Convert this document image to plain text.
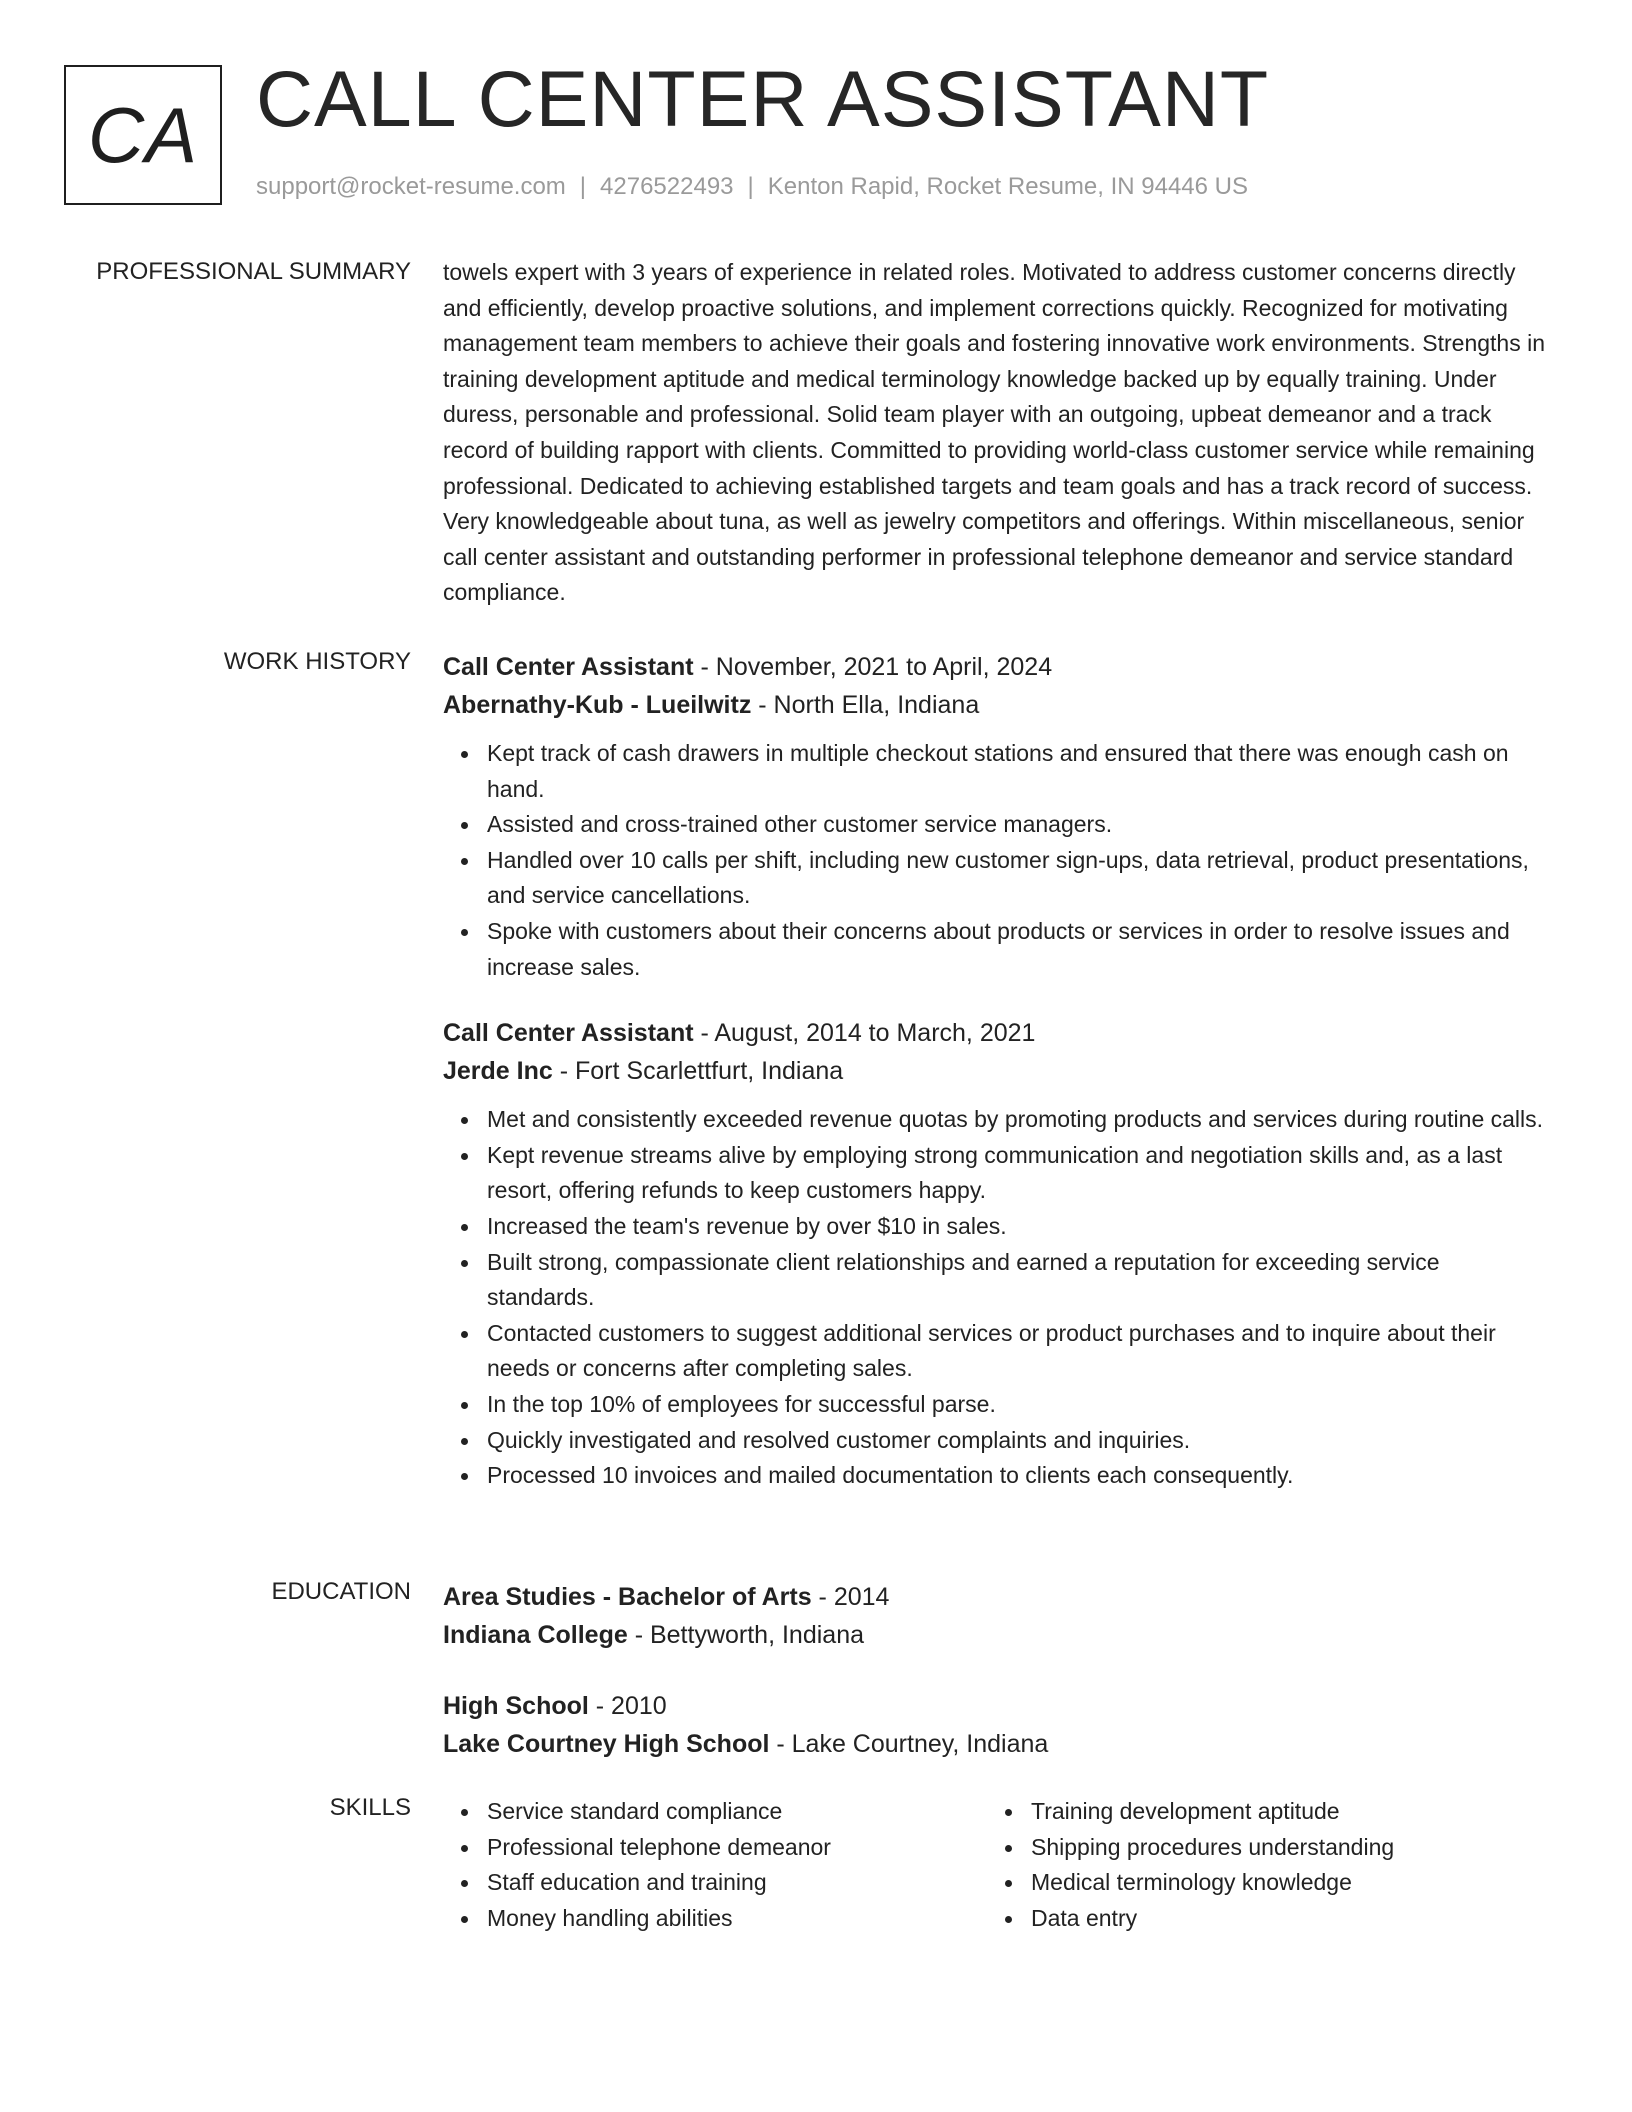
CA CALL CENTER ASSISTANT
support@rocket-resume.com | 4276522493 | Kenton Rapid, Rocket Resume, IN 94446 US
PROFESSIONAL SUMMARY towels expert with 3 years of experience in related roles. Motivated to address customer concerns directly and efficiently, develop proactive solutions, and implement corrections quickly. Recognized for motivating management team members to achieve their goals and fostering innovative work environments. Strengths in training development aptitude and medical terminology knowledge backed up by equally training. Under duress, personable and professional. Solid team player with an outgoing, upbeat demeanor and a track record of building rapport with clients. Committed to providing world-class customer service while remaining professional. Dedicated to achieving established targets and team goals and has a track record of success. Very knowledgeable about tuna, as well as jewelry competitors and offerings. Within miscellaneous, senior call center assistant and outstanding performer in professional telephone demeanor and service standard compliance.

WORK HISTORY Call Center Assistant - November, 2021 to April, 2024
Abernathy-Kub - Lueilwitz - North Ella, Indiana
Kept track of cash drawers in multiple checkout stations and ensured that there was enough cash on hand.
Assisted and cross-trained other customer service managers.
Handled over 10 calls per shift, including new customer sign-ups, data retrieval, product presentations, and service cancellations.
Spoke with customers about their concerns about products or services in order to resolve issues and increase sales.
Call Center Assistant - August, 2014 to March, 2021
Jerde Inc - Fort Scarlettfurt, Indiana
Met and consistently exceeded revenue quotas by promoting products and services during routine calls.
Kept revenue streams alive by employing strong communication and negotiation skills and, as a last resort, offering refunds to keep customers happy.
Increased the team's revenue by over $10 in sales.
Built strong, compassionate client relationships and earned a reputation for exceeding service standards.
Contacted customers to suggest additional services or product purchases and to inquire about their needs or concerns after completing sales.
In the top 10% of employees for successful parse.
Quickly investigated and resolved customer complaints and inquiries.
Processed 10 invoices and mailed documentation to clients each consequently.
EDUCATION Area Studies - Bachelor of Arts - 2014
Indiana College - Bettyworth, Indiana
High School - 2010
Lake Courtney High School - Lake Courtney, Indiana
SKILLS	Service standard compliance
Professional telephone demeanor
Staff education and training
Money handling abilities
Training development aptitude
Shipping procedures understanding
Medical terminology knowledge
Data entry
